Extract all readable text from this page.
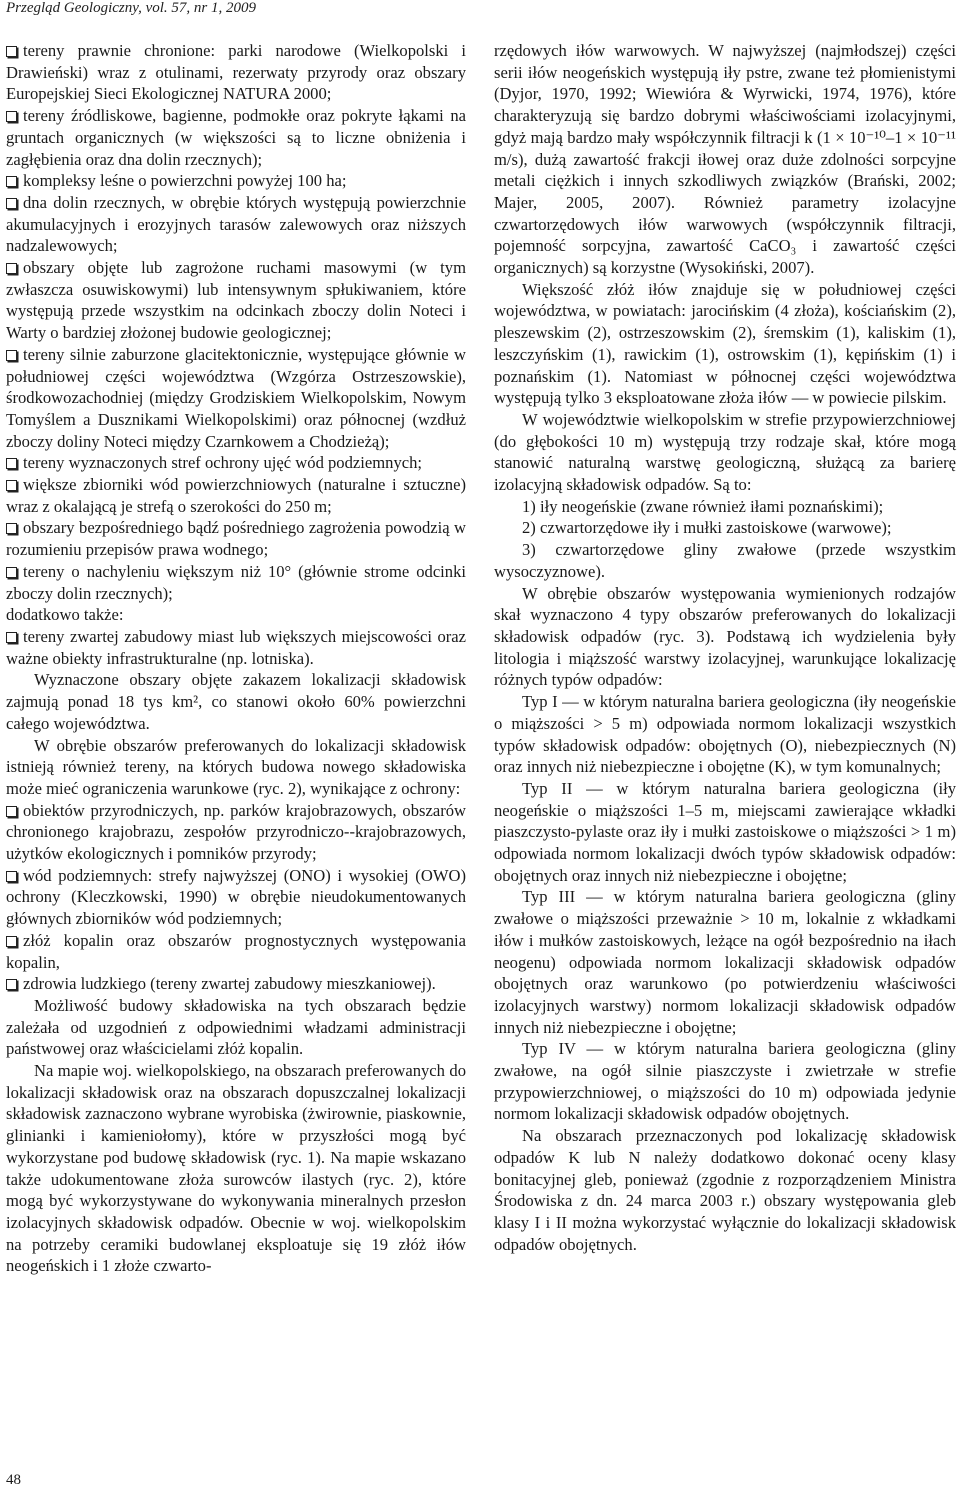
Przegląd Geologiczny, vol. 57, nr 1, 2009

tereny prawnie chronione: parki narodowe (Wielkopolski i Drawieński) wraz z otulinami, rezerwaty przyrody oraz obszary Europejskiej Sieci Ekologicznej NATURA 2000;

tereny źródliskowe, bagienne, podmokłe oraz pokryte łąkami na gruntach organicznych (w większości są to liczne obniżenia i zagłębienia oraz dna dolin rzecznych);

kompleksy leśne o powierzchni powyżej 100 ha;

dna dolin rzecznych, w obrębie których występują powierzchnie akumulacyjnych i erozyjnych tarasów zalewowych oraz niższych nadzalewowych;

obszary objęte lub zagrożone ruchami masowymi (w tym zwłaszcza osuwiskowymi) lub intensywnym spłukiwaniem, które występują przede wszystkim na odcinkach zboczy dolin Noteci i Warty o bardziej złożonej budowie geologicznej;

tereny silnie zaburzone glacitektonicznie, występujące głównie w południowej części województwa (Wzgórza Ostrzeszowskie), środkowozachodniej (między Grodziskiem Wielkopolskim, Nowym Tomyślem a Dusznikami Wielkopolskimi) oraz północnej (wzdłuż zboczy doliny Noteci między Czarnkowem a Chodzieżą);

tereny wyznaczonych stref ochrony ujęć wód podziemnych;

większe zbiorniki wód powierzchniowych (naturalne i sztuczne) wraz z okalającą je strefą o szerokości do 250 m;

obszary bezpośredniego bądź pośredniego zagrożenia powodzią w rozumieniu przepisów prawa wodnego;

tereny o nachyleniu większym niż 10° (głównie strome odcinki zboczy dolin rzecznych);

dodatkowo także:

tereny zwartej zabudowy miast lub większych miejscowości oraz ważne obiekty infrastrukturalne (np. lotniska).

Wyznaczone obszary objęte zakazem lokalizacji składowisk zajmują ponad 18 tys km², co stanowi około 60% powierzchni całego województwa.

W obrębie obszarów preferowanych do lokalizacji składowisk istnieją również tereny, na których budowa nowego składowiska może mieć ograniczenia warunkowe (ryc. 2), wynikające z ochrony:

obiektów przyrodniczych, np. parków krajobrazowych, obszarów chronionego krajobrazu, zespołów przyrodniczo--krajobrazowych, użytków ekologicznych i pomników przyrody;

wód podziemnych: strefy najwyższej (ONO) i wysokiej (OWO) ochrony (Kleczkowski, 1990) w obrębie nieudokumentowanych głównych zbiorników wód podziemnych;

złóż kopalin oraz obszarów prognostycznych występowania kopalin,

zdrowia ludzkiego (tereny zwartej zabudowy mieszkaniowej).

Możliwość budowy składowiska na tych obszarach będzie zależała od uzgodnień z odpowiednimi władzami administracji państwowej oraz właścicielami złóż kopalin.

Na mapie woj. wielkopolskiego, na obszarach preferowanych do lokalizacji składowisk oraz na obszarach dopuszczalnej lokalizacji składowisk zaznaczono wybrane wyrobiska (żwirownie, piaskownie, glinianki i kamieniołomy), które w przyszłości mogą być wykorzystane pod budowę składowisk (ryc. 1). Na mapie wskazano także udokumentowane złoża surowców ilastych (ryc. 2), które mogą być wykorzystywane do wykonywania mineralnych przesłon izolacyjnych składowisk odpadów. Obecnie w woj. wielkopolskim na potrzeby ceramiki budowlanej eksploatuje się 19 złóż iłów neogeńskich i 1 złoże czwarto-

rzędowych iłów warwowych. W najwyższej (najmłodszej) części serii iłów neogeńskich występują iły pstre, zwane też płomienistymi (Dyjor, 1970, 1992; Wiewióra & Wyrwicki, 1974, 1976), które charakteryzują się bardzo dobrymi właściwościami izolacyjnymi, gdyż mają bardzo mały współczynnik filtracji k (1 × 10⁻¹⁰–1 × 10⁻¹¹ m/s), dużą zawartość frakcji iłowej oraz duże zdolności sorpcyjne metali ciężkich i innych szkodliwych związków (Brański, 2002; Majer, 2005, 2007). Również parametry izolacyjne czwartorzędowych iłów warwowych (współczynnik filtracji, pojemność sorpcyjna, zawartość CaCO₃ i zawartość części organicznych) są korzystne (Wysokiński, 2007).

Większość złóż iłów znajduje się w południowej części województwa, w powiatach: jarocińskim (4 złoża), kościańskim (2), pleszewskim (2), ostrzeszowskim (2), śremskim (1), kaliskim (1), leszczyńskim (1), rawickim (1), ostrowskim (1), kępińskim (1) i poznańskim (1). Natomiast w północnej części województwa występują tylko 3 eksploatowane złoża iłów — w powiecie pilskim.

W województwie wielkopolskim w strefie przypowierzchniowej (do głębokości 10 m) występują trzy rodzaje skał, które mogą stanowić naturalną warstwę geologiczną, służącą za barierę izolacyjną składowisk odpadów. Są to:

1) iły neogeńskie (zwane również iłami poznańskimi);

2) czwartorzędowe iły i mułki zastoiskowe (warwowe);

3) czwartorzędowe gliny zwałowe (przede wszystkim wysoczyznowe).

W obrębie obszarów występowania wymienionych rodzajów skał wyznaczono 4 typy obszarów preferowanych do lokalizacji składowisk odpadów (ryc. 3). Podstawą ich wydzielenia były litologia i miąższość warstwy izolacyjnej, warunkujące lokalizację różnych typów odpadów:

Typ I — w którym naturalna bariera geologiczna (iły neogeńskie o miąższości > 5 m) odpowiada normom lokalizacji wszystkich typów składowisk odpadów: obojętnych (O), niebezpiecznych (N) oraz innych niż niebezpieczne i obojętne (K), w tym komunalnych;

Typ II — w którym naturalna bariera geologiczna (iły neogeńskie o miąższości 1–5 m, miejscami zawierające wkładki piaszczysto-pylaste oraz iły i mułki zastoiskowe o miąższości > 1 m) odpowiada normom lokalizacji dwóch typów składowisk odpadów: obojętnych oraz innych niż niebezpieczne i obojętne;

Typ III — w którym naturalna bariera geologiczna (gliny zwałowe o miąższości przeważnie > 10 m, lokalnie z wkładkami iłów i mułków zastoiskowych, leżące na ogół bezpośrednio na iłach neogenu) odpowiada normom lokalizacji składowisk odpadów obojętnych oraz warunkowo (po potwierdzeniu właściwości izolacyjnych warstwy) normom lokalizacji składowisk odpadów innych niż niebezpieczne i obojętne;

Typ IV — w którym naturalna bariera geologiczna (gliny zwałowe, na ogół silnie piaszczyste i zwietrzałe w strefie przypowierzchniowej, o miąższości do 10 m) odpowiada jedynie normom lokalizacji składowisk odpadów obojętnych.

Na obszarach przeznaczonych pod lokalizację składowisk odpadów K lub N należy dodatkowo dokonać oceny klasy bonitacyjnej gleb, ponieważ (zgodnie z rozporządzeniem Ministra Środowiska z dn. 24 marca 2003 r.) obszary występowania gleb klasy I i II można wykorzystać wyłącznie do lokalizacji składowisk odpadów obojętnych.

48
